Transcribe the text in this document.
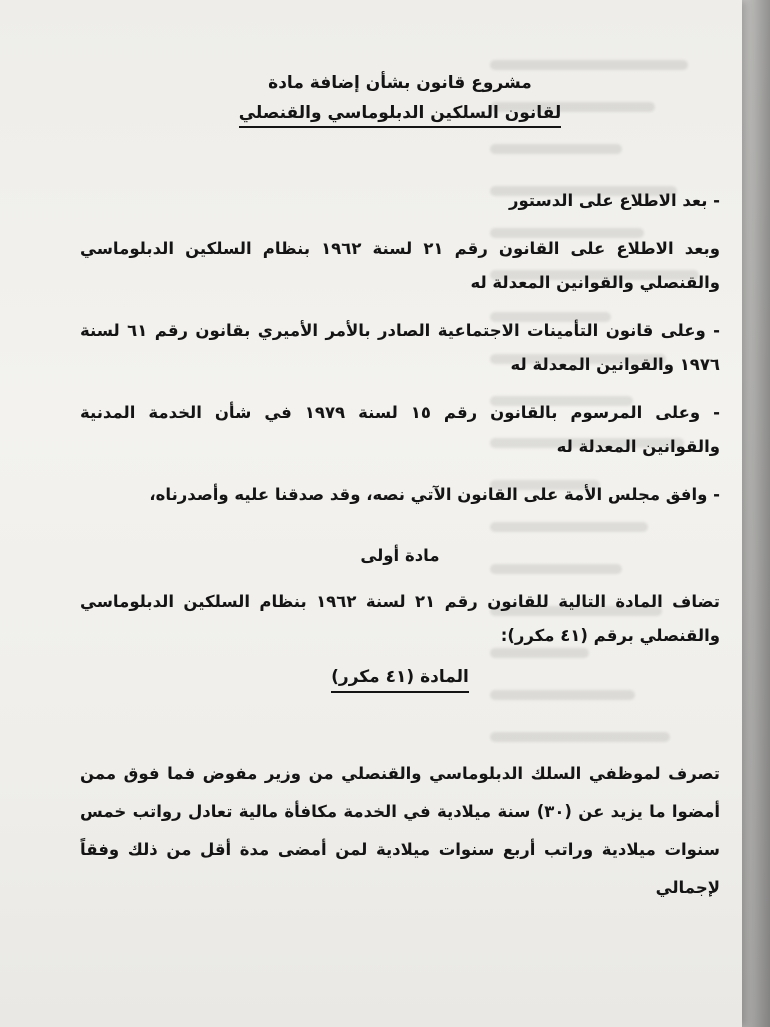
مشروع قانون بشأن إضافة مادة
لقانون السلكين الدبلوماسي والقنصلي
- بعد الاطلاع على الدستور
وبعد الاطلاع على القانون رقم ٢١ لسنة ١٩٦٢ بنظام السلكين الدبلوماسي والقنصلي والقوانين المعدلة له
- وعلى قانون التأمينات الاجتماعية الصادر بالأمر الأميري بقانون رقم ٦١ لسنة ١٩٧٦ والقوانين المعدلة له
- وعلى المرسوم بالقانون رقم ١٥ لسنة ١٩٧٩ في شأن الخدمة المدنية والقوانين المعدلة له
- وافق مجلس الأمة على القانون الآتي نصه، وقد صدقنا عليه وأصدرناه،
مادة أولى
تضاف المادة التالية للقانون رقم ٢١ لسنة ١٩٦٢ بنظام السلكين الدبلوماسي والقنصلي برقم (٤١ مكرر):
المادة (٤١ مكرر)
تصرف لموظفي السلك الدبلوماسي والقنصلي من وزير مفوض فما فوق ممن أمضوا ما يزيد عن (٣٠) سنة ميلادية في الخدمة مكافأة مالية تعادل رواتب خمس سنوات ميلادية وراتب أربع سنوات ميلادية لمن أمضى مدة أقل من ذلك وفقاً لإجمالي
